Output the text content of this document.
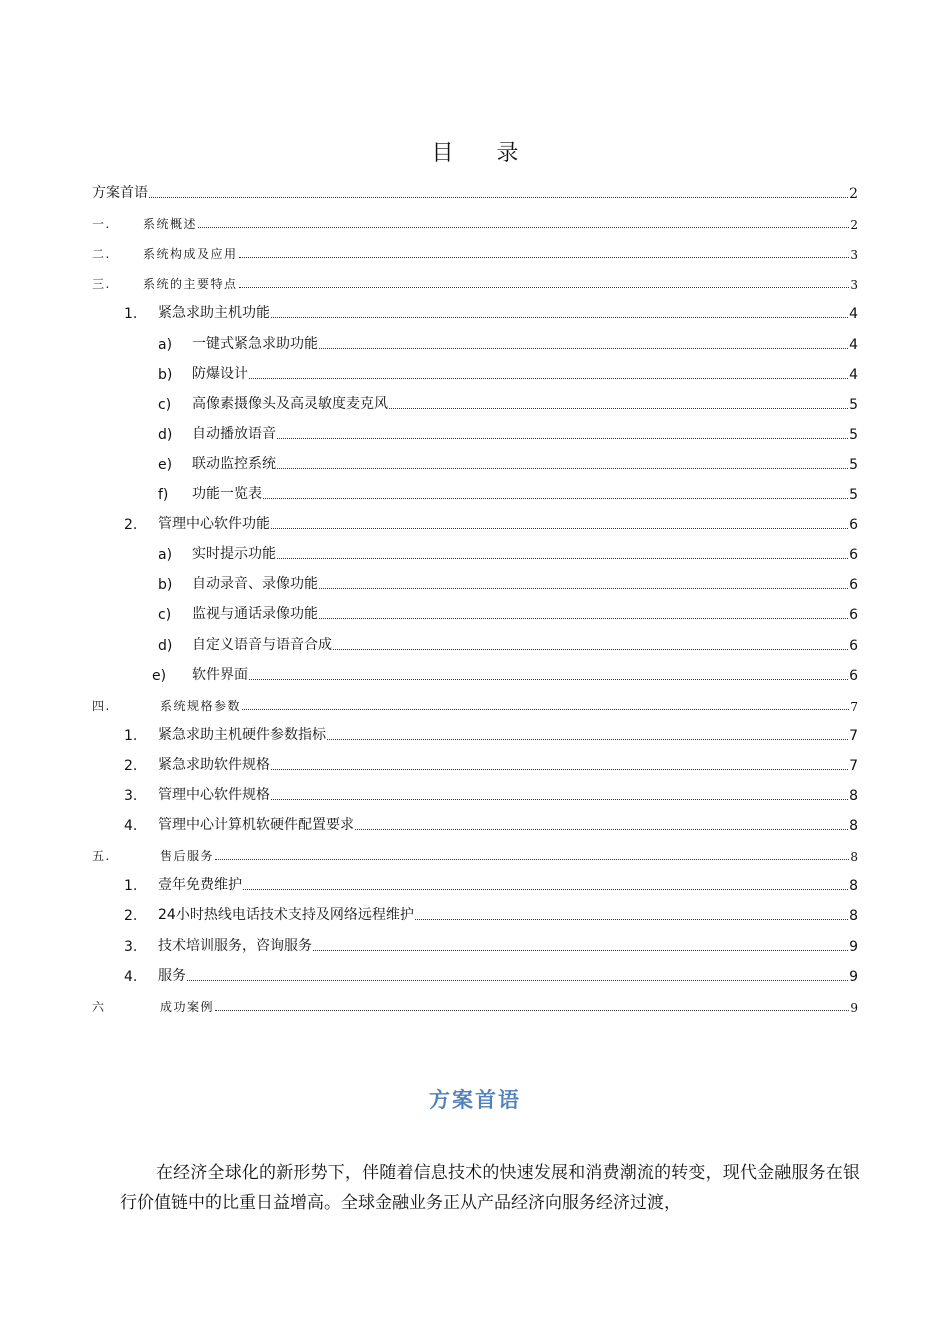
目 录
方案首语	2
一.	系统概述	2
二.	系统构成及应用	3
三.	系统的主要特点	3
1. 紧急求助主机功能	4
a) 一键式紧急求助功能	4
b) 防爆设计	4
c) 高像素摄像头及高灵敏度麦克风	5
d) 自动播放语音	5
e) 联动监控系统	5
f) 功能一览表	5
2. 管理中心软件功能	6
a) 实时提示功能	6
b) 自动录音、录像功能	6
c) 监视与通话录像功能	6
d) 自定义语音与语音合成	6
e) 软件界面	6
四.	系统规格参数	7
1. 紧急求助主机硬件参数指标	7
2. 紧急求助软件规格	7
3. 管理中心软件规格	8
4. 管理中心计算机软硬件配置要求	8
五.	售后服务	8
1. 壹年免费维护	8
2. 24小时热线电话技术支持及网络远程维护	8
3. 技术培训服务，咨询服务	9
4. 服务	9
六	成功案例	9
方案首语

在经济全球化的新形势下，伴随着信息技术的快速发展和消费潮流的转变，现代金融服务在银行价值链中的比重日益增高。全球金融业务正从产品经济向服务经济过渡，
